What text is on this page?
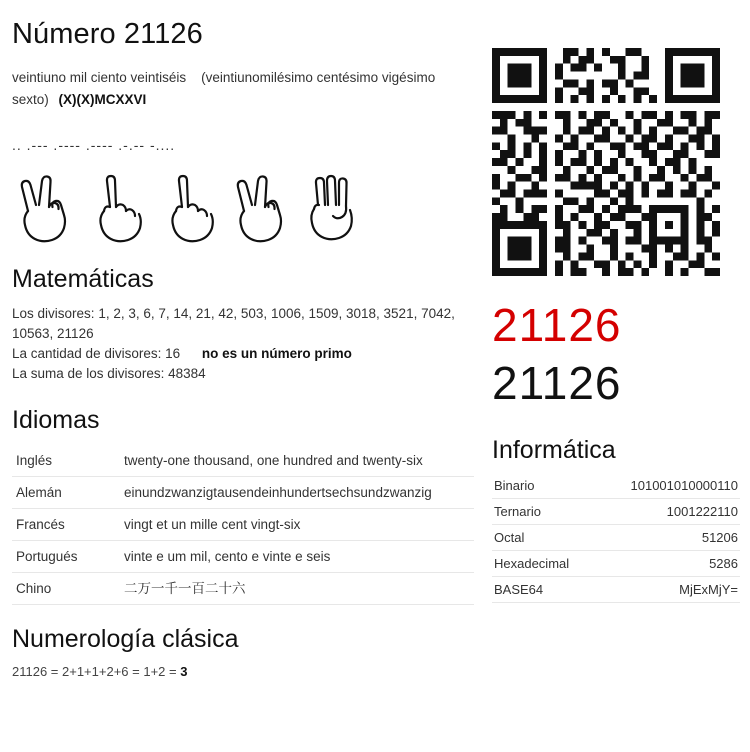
Número 21126
veintiuno mil ciento veintiséis (veintiunomilésimo centésimo vigésimo sexto) (X)(X)MCXXVI
.. .--- .---- .---- .-.-- -....
Matemáticas
Los divisores: 1, 2, 3, 6, 7, 14, 21, 42, 503, 1006, 1509, 3018, 3521, 7042, 10563, 21126
La cantidad de divisores: 16 no es un número primo
La suma de los divisores: 48384
Idiomas
Inglés	twenty-one thousand, one hundred and twenty-six
Alemán	einundzwanzigtausendeinhundertsechsundzwanzig
Francés	vingt et un mille cent vingt-six
Portugués	vinte e um mil, cento e vinte e seis
Chino	二万一千一百二十六
Numerología clásica
21126 = 2+1+1+2+6 = 1+2 = 3
21126
21126
Informática
Binario	101001010000110
Ternario	1001222110
Octal	51206
Hexadecimal	5286
BASE64	MjExMjY=
